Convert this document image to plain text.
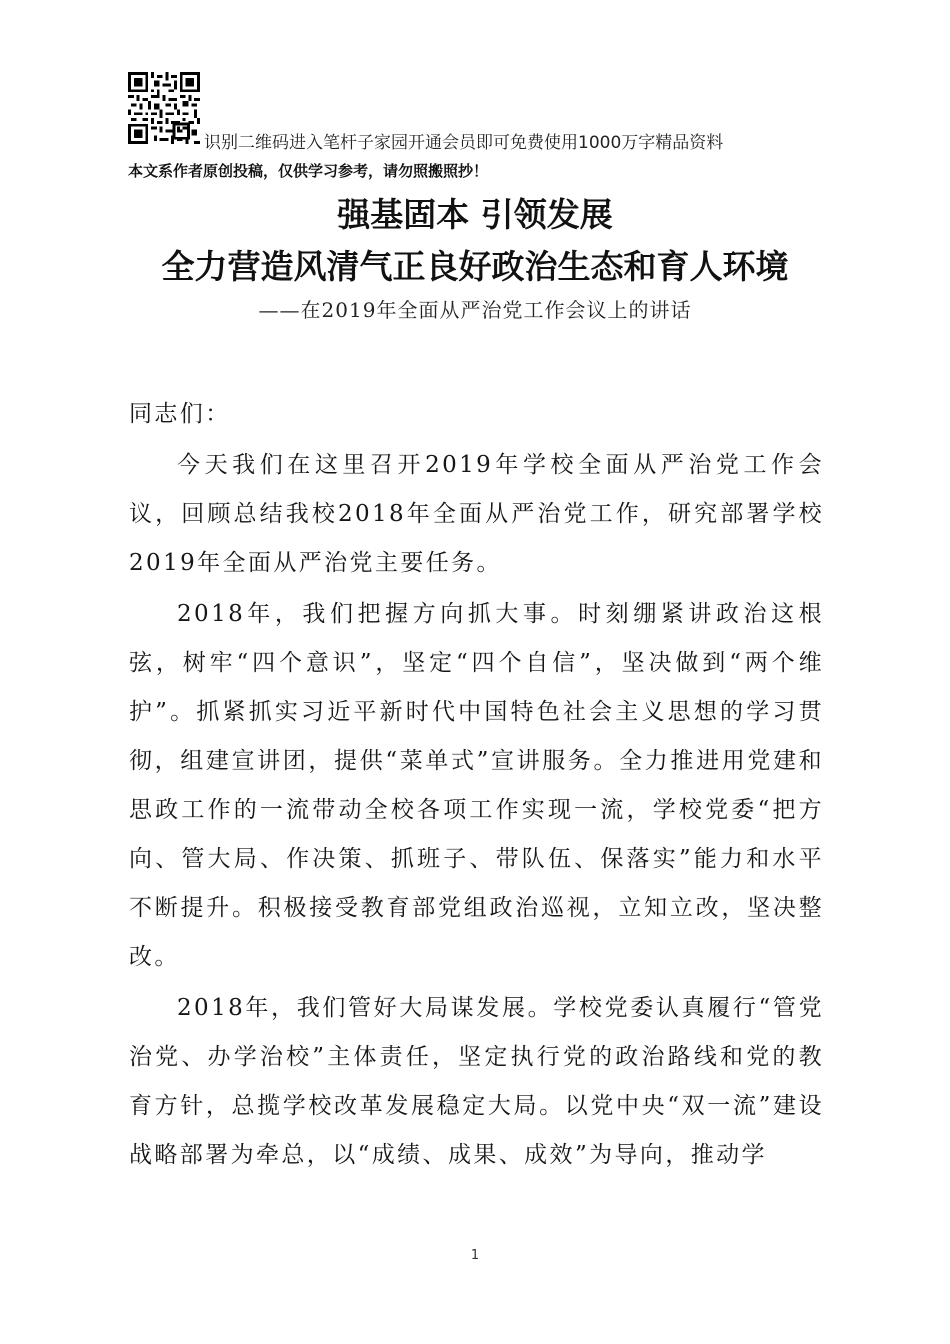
识别二维码进入笔杆子家园开通会员即可免费使用1000万字精品资料
本文系作者原创投稿，仅供学习参考，请勿照搬照抄！
强基固本 引领发展
全力营造风清气正良好政治生态和育人环境
——在2019年全面从严治党工作会议上的讲话

同志们：

今天我们在这里召开2019年学校全面从严治党工作会议，回顾总结我校2018年全面从严治党工作，研究部署学校2019年全面从严治党主要任务。

2018年，我们把握方向抓大事。时刻绷紧讲政治这根弦，树牢“四个意识”，坚定“四个自信”，坚决做到“两个维护”。抓紧抓实习近平新时代中国特色社会主义思想的学习贯彻，组建宣讲团，提供“菜单式”宣讲服务。全力推进用党建和思政工作的一流带动全校各项工作实现一流，学校党委“把方向、管大局、作决策、抓班子、带队伍、保落实”能力和水平不断提升。积极接受教育部党组政治巡视，立知立改，坚决整改。

2018年，我们管好大局谋发展。学校党委认真履行“管党治党、办学治校”主体责任，坚定执行党的政治路线和党的教育方针，总揽学校改革发展稳定大局。以党中央“双一流”建设战略部署为牵总，以“成绩、成果、成效”为导向，推动学

1
